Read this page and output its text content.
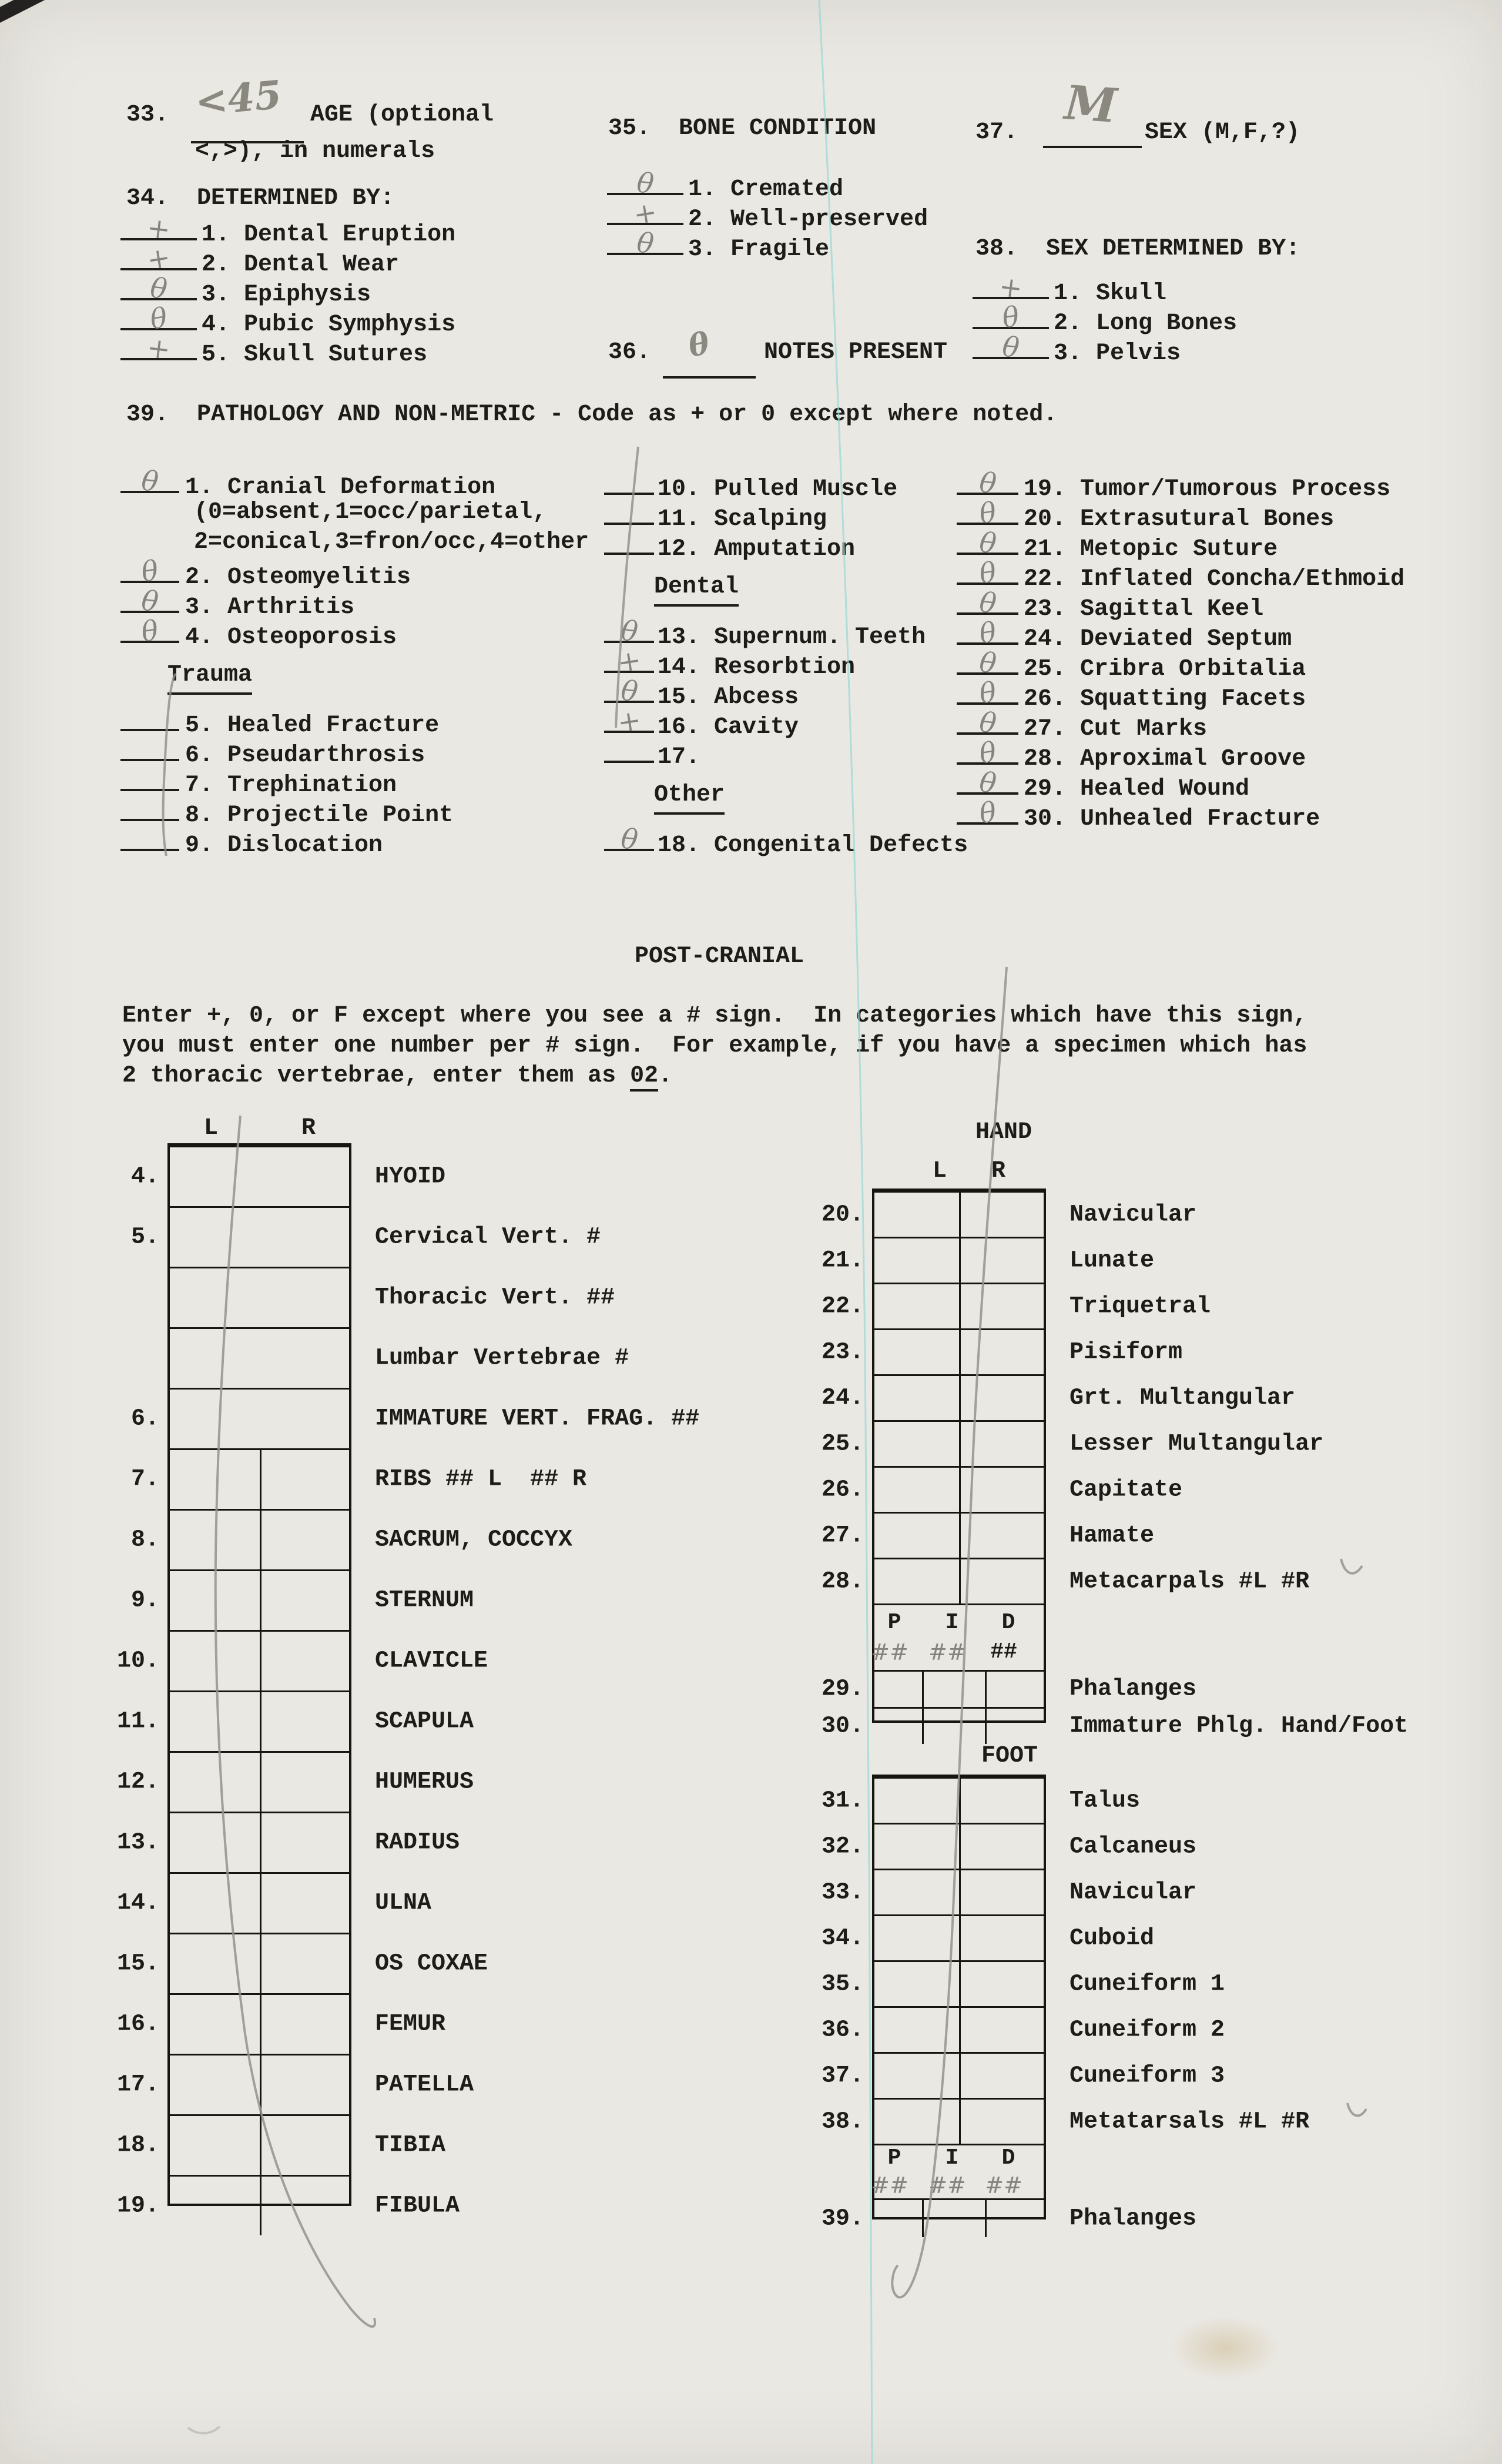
33. <45 AGE (optional
<,>), in numerals
34.  DETERMINED BY:
+ 1. Dental Eruption
+ 2. Dental Wear
θ 3. Epiphysis
θ 4. Pubic Symphysis
+ 5. Skull Sutures
35.  BONE CONDITION
θ 1. Cremated
+ 2. Well-preserved
θ 3. Fragile
36. θ NOTES PRESENT
37. M SEX (M,F,?)
38.  SEX DETERMINED BY:
+ 1. Skull
θ 2. Long Bones
θ 3. Pelvis
39.  PATHOLOGY AND NON-METRIC - Code as + or 0 except where noted.
θ 1. Cranial Deformation
(0=absent,1=occ/parietal,
2=conical,3=fron/occ,4=other
θ 2. Osteomyelitis
θ 3. Arthritis
θ 4. Osteoporosis
Trauma
5. Healed Fracture
6. Pseudarthrosis
7. Trephination
8. Projectile Point
9. Dislocation
10. Pulled Muscle
11. Scalping
12. Amputation
Dental
θ 13. Supernum. Teeth
+ 14. Resorbtion
θ 15. Abcess
+ 16. Cavity
17.
Other
θ 18. Congenital Defects
θ 19. Tumor/Tumorous Process
θ 20. Extrasutural Bones
θ 21. Metopic Suture
θ 22. Inflated Concha/Ethmoid
θ 23. Sagittal Keel
θ 24. Deviated Septum
θ 25. Cribra Orbitalia
θ 26. Squatting Facets
θ 27. Cut Marks
θ 28. Aproximal Groove
θ 29. Healed Wound
θ 30. Unhealed Fracture
POST-CRANIAL
Enter +, 0, or F except where you see a # sign.  In categories which have this sign,
you must enter one number per # sign.  For example, if you have a specimen which has
2 thoracic vertebrae, enter them as 02.
L	R
4.	HYOID
5.	Cervical Vert. #
Thoracic Vert. ##
Lumbar Vertebrae #
6.	IMMATURE VERT. FRAG. ##
7.	RIBS ## L  ## R
8.	SACRUM, COCCYX
9.	STERNUM
10.	CLAVICLE
11.	SCAPULA
12.	HUMERUS
13.	RADIUS
14.	ULNA
15.	OS COXAE
16.	FEMUR
17.	PATELLA
18.	TIBIA
19.	FIBULA
HAND
L R
20.	Navicular
21.	Lunate
22.	Triquetral
23.	Pisiform
24.	Grt. Multangular
25.	Lesser Multangular
26.	Capitate
27.	Hamate
28.	Metacarpals #L #R
P	I	D
## ## ##
29.	Phalanges
30.	Immature Phlg. Hand/Foot
FOOT
31.	Talus
32.	Calcaneus
33.	Navicular
34.	Cuboid
35.	Cuneiform 1
36.	Cuneiform 2
37.	Cuneiform 3
38.	Metatarsals #L #R
P	I	D
## ## ##
39.	Phalanges
